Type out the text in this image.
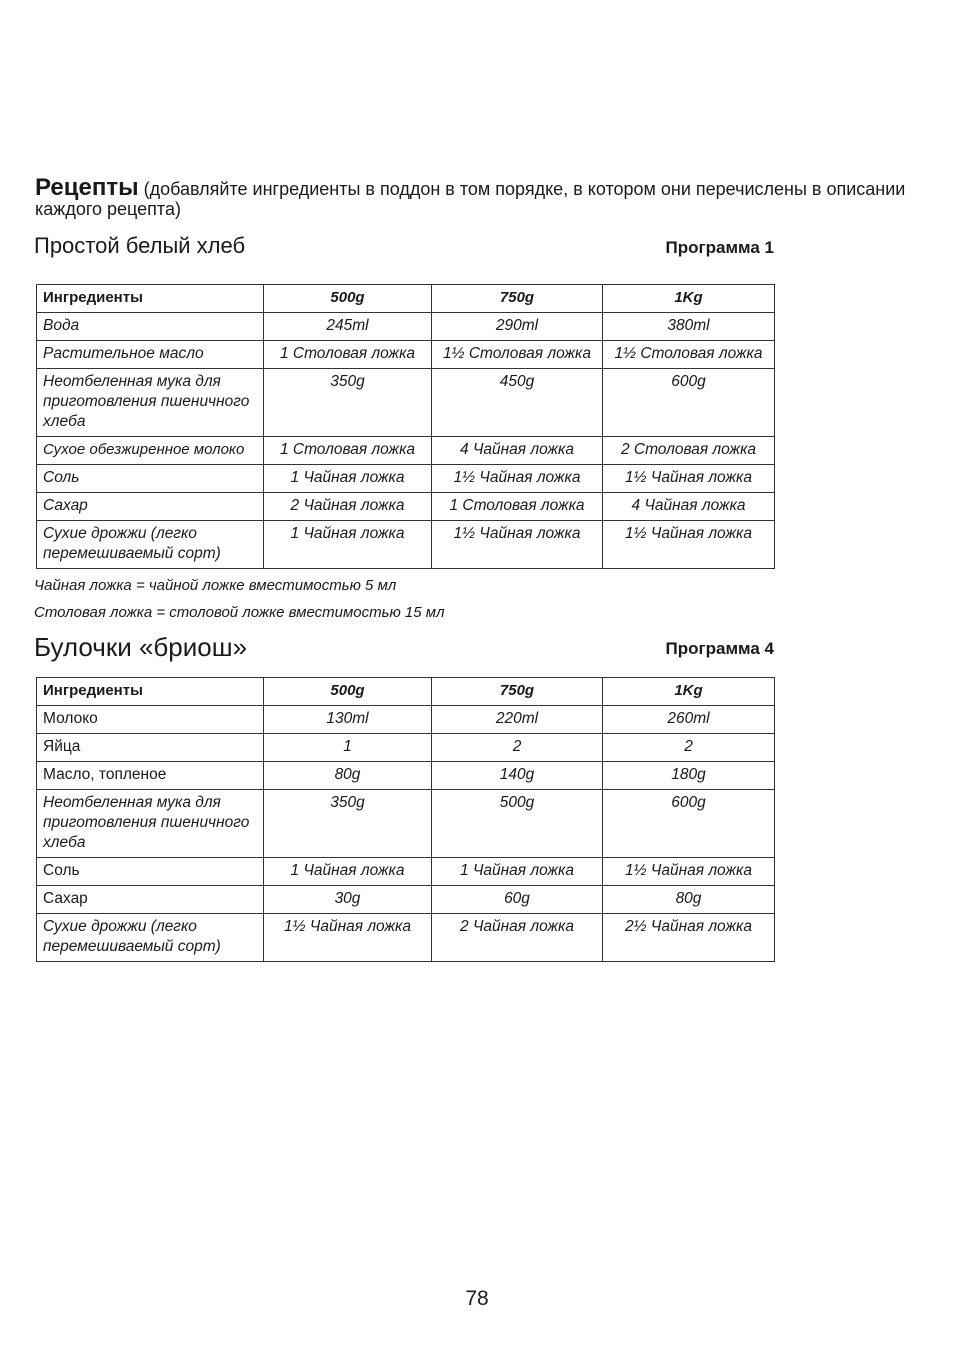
Рецепты (добавляйте ингредиенты в поддон в том порядке, в котором они перечислены в описании каждого рецепта)
Простой белый хлеб	Программа 1
Ингредиенты	500g	750g	1Kg
Вода	245ml	290ml	380ml
Растительное масло	1 Столовая ложка	1½ Столовая ложка	1½ Столовая ложка
Неотбеленная мука для приготовления пшеничного хлеба	350g	450g	600g
Сухое обезжиренное молоко	1 Столовая ложка	4 Чайная ложка	2 Столовая ложка
Соль	1 Чайная ложка	1½ Чайная ложка	1½ Чайная ложка
Сахар	2 Чайная ложка	1 Столовая ложка	4 Чайная ложка
Сухие дрожжи (легко перемешиваемый сорт)	1 Чайная ложка	1½ Чайная ложка	1½ Чайная ложка
Чайная ложка = чайной ложке вместимостью 5 мл
Столовая ложка = столовой ложке вместимостью 15 мл
Булочки «бриош»	Программа 4
Ингредиенты	500g	750g	1Kg
Молоко	130ml	220ml	260ml
Яйца	1	2	2
Масло, топленое	80g	140g	180g
Неотбеленная мука для приготовления пшеничного хлеба	350g	500g	600g
Соль	1 Чайная ложка	1 Чайная ложка	1½ Чайная ложка
Сахар	30g	60g	80g
Сухие дрожжи (легко перемешиваемый сорт)	1½ Чайная ложка	2 Чайная ложка	2½ Чайная ложка
78
